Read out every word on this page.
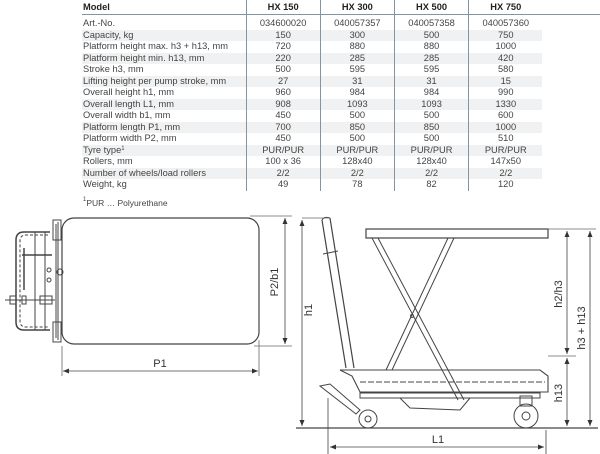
Model	HX 150	HX 300	HX 500	HX 750	
Art.-No.	034600020	040057357	040057358	040057360	
Capacity, kg	150	300	500	750	
Platform height max. h3 + h13, mm	720	880	880	1000	
Platform height min. h13, mm	220	285	285	420	
Stroke h3, mm	500	595	595	580	
Lifting height per pump stroke, mm	27	31	31	15	
Overall height h1, mm	960	984	984	990	
Overall length L1, mm	908	1093	1093	1330	
Overall width b1, mm	450	500	500	600	
Platform length P1, mm	700	850	850	1000	
Platform width P2, mm	450	500	500	510	
Tyre type$^1$	PUR/PUR	PUR/PUR	PUR/PUR	PUR/PUR	
Rollers, mm	100 x 36	128x40	128x40	147x50	
Number of wheels/load rollers	2/2	2/2	2/2	2/2	
Weight, kg	49	78	82	120	
$^1$PUR … Polyurethane
P2/b1
P1
h1
h2/h3
h3 + h13
h13
L1
